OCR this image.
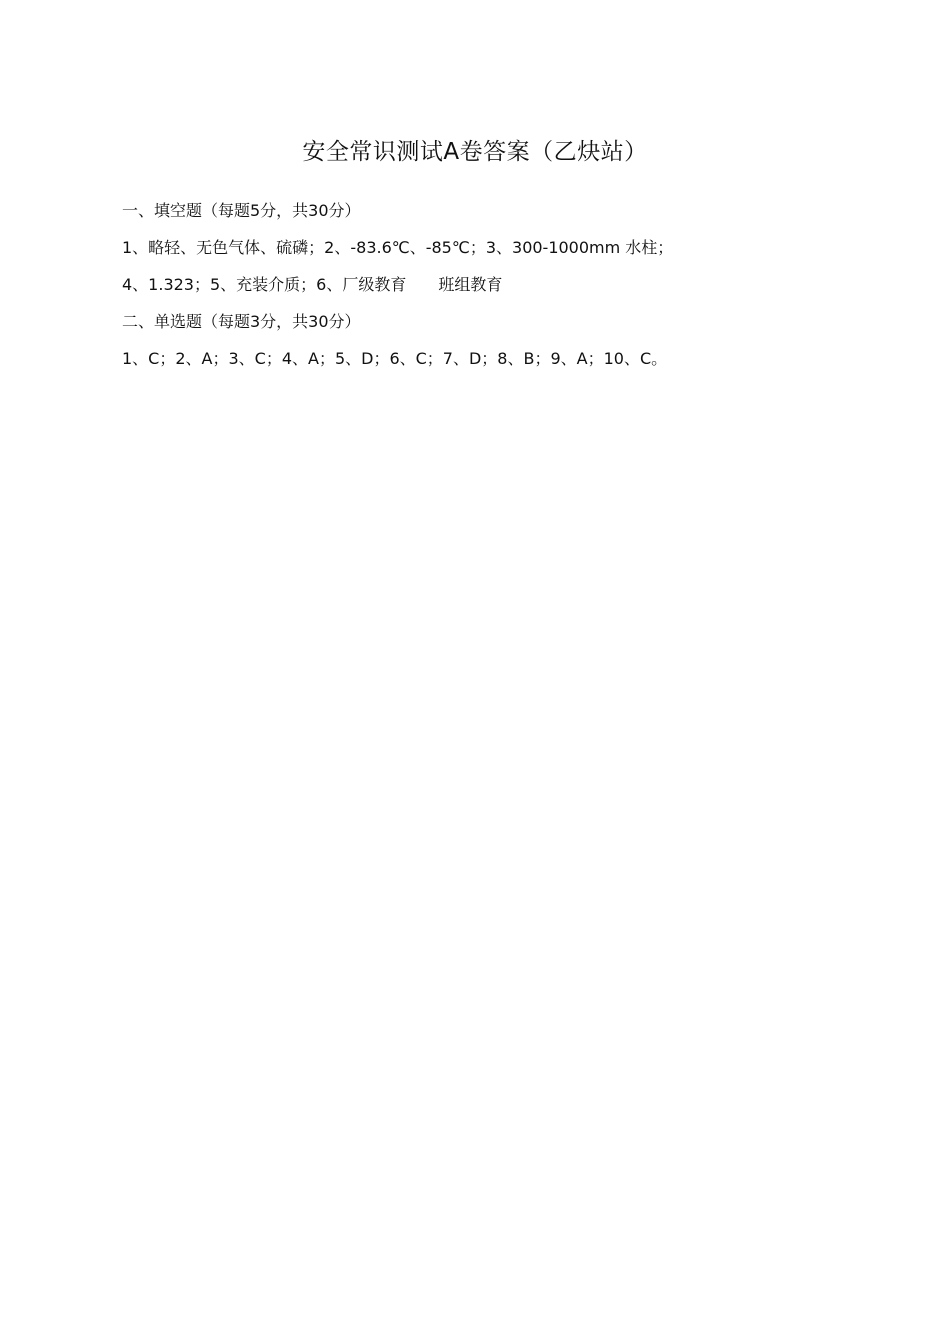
安全常识测试A卷答案（乙炔站）
一、填空题（每题5分，共30分）
1、略轻、无色气体、硫磷；2、-83.6℃、-85℃；3、300-1000mm 水柱；
4、1.323；5、充装介质；6、厂级教育　　班组教育
二、单选题（每题3分，共30分）
1、C；2、A；3、C；4、A；5、D；6、C；7、D；8、B；9、A；10、C。
